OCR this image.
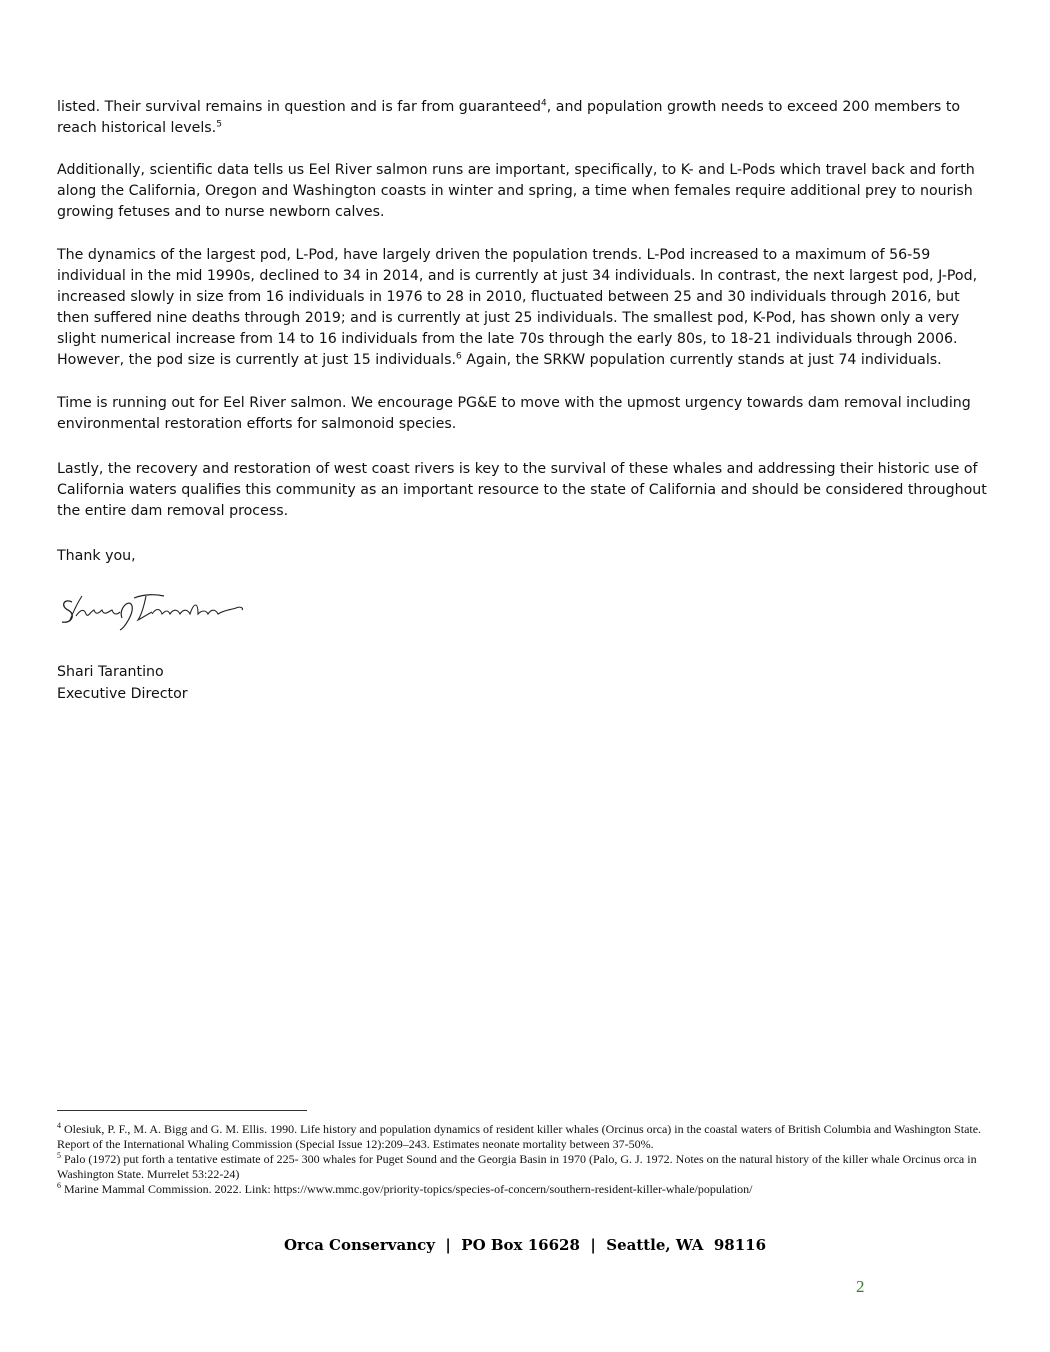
listed. Their survival remains in question and is far from guaranteed$^4$, and population growth needs to exceed 200 members to reach historical levels.$^5$

Additionally, scientific data tells us Eel River salmon runs are important, specifically, to K- and L-Pods which travel back and forth along the California, Oregon and Washington coasts in winter and spring, a time when females require additional prey to nourish growing fetuses and to nurse newborn calves.

The dynamics of the largest pod, L-Pod, have largely driven the population trends. L-Pod increased to a maximum of 56-59 individual in the mid 1990s, declined to 34 in 2014, and is currently at just 34 individuals. In contrast, the next largest pod, J-Pod, increased slowly in size from 16 individuals in 1976 to 28 in 2010, fluctuated between 25 and 30 individuals through 2016, but then suffered nine deaths through 2019; and is currently at just 25 individuals. The smallest pod, K-Pod, has shown only a very slight numerical increase from 14 to 16 individuals from the late 70s through the early 80s, to 18-21 individuals through 2006. However, the pod size is currently at just 15 individuals.$^6$ Again, the SRKW population currently stands at just 74 individuals.

Time is running out for Eel River salmon. We encourage PG&E to move with the upmost urgency towards dam removal including environmental restoration efforts for salmonoid species.

Lastly, the recovery and restoration of west coast rivers is key to the survival of these whales and addressing their historic use of California waters qualifies this community as an important resource to the state of California and should be considered throughout the entire dam removal process.

Thank you,

Shari Tarantino
Executive Director

$^4$ Olesiuk, P. F., M. A. Bigg and G. M. Ellis. 1990. Life history and population dynamics of resident killer whales (Orcinus orca) in the coastal waters of British Columbia and Washington State. Report of the International Whaling Commission (Special Issue 12):209–243. Estimates neonate mortality between 37-50%.

$^5$ Palo (1972) put forth a tentative estimate of 225- 300 whales for Puget Sound and the Georgia Basin in 1970 (Palo, G. J. 1972. Notes on the natural history of the killer whale Orcinus orca in Washington State. Murrelet 53:22-24)

$^6$ Marine Mammal Commission. 2022. Link: https://www.mmc.gov/priority-topics/species-of-concern/southern-resident-killer-whale/population/

Orca Conservancy  |  PO Box 16628  |  Seattle, WA  98116
2
